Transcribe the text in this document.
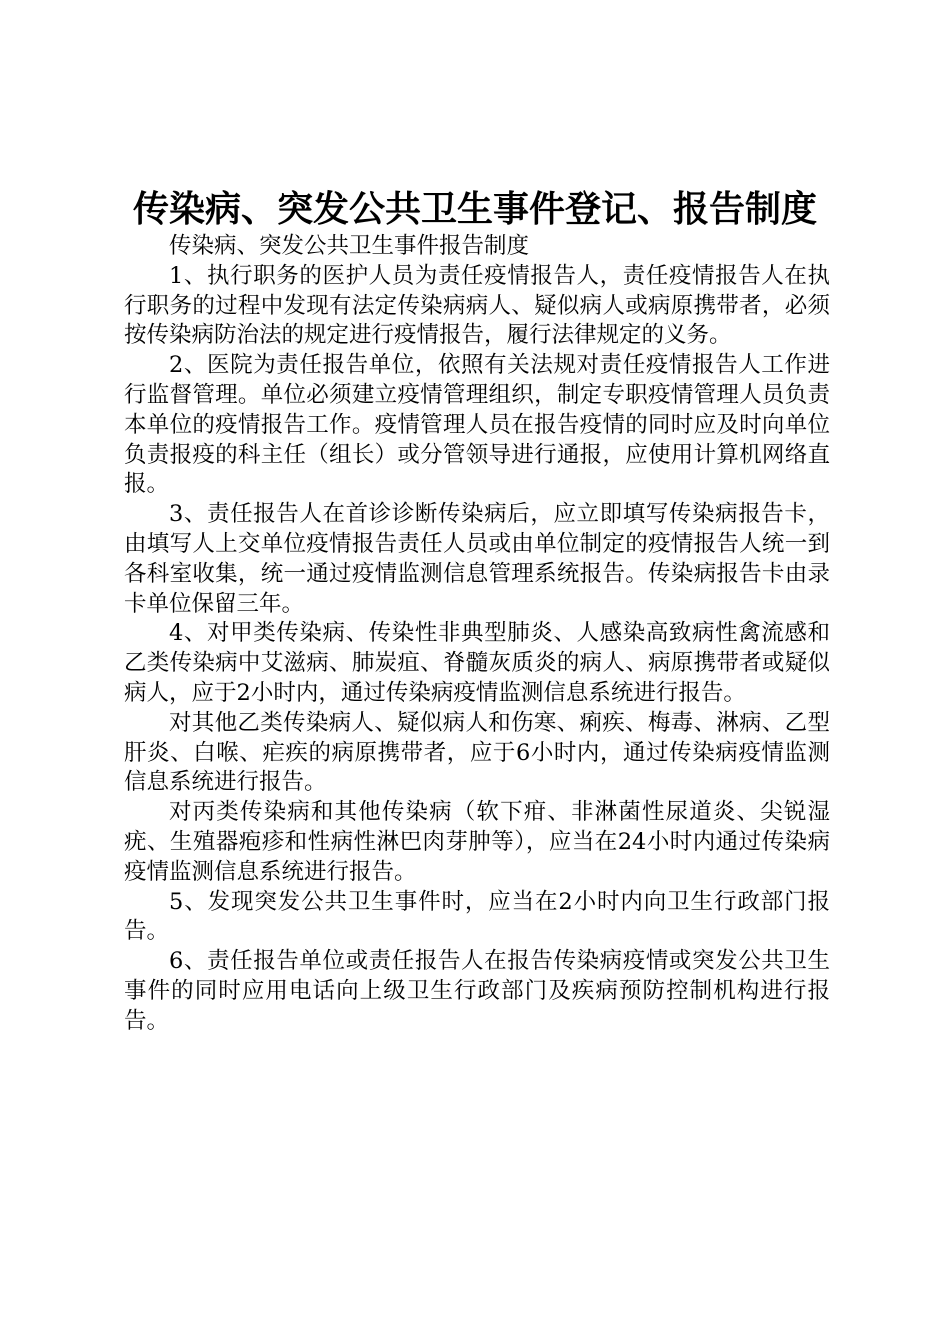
传染病、突发公共卫生事件登记、报告制度

传染病、突发公共卫生事件报告制度

1、执行职务的医护人员为责任疫情报告人，责任疫情报告人在执行职务的过程中发现有法定传染病病人、疑似病人或病原携带者，必须按传染病防治法的规定进行疫情报告，履行法律规定的义务。

2、医院为责任报告单位，依照有关法规对责任疫情报告人工作进行监督管理。单位必须建立疫情管理组织，制定专职疫情管理人员负责本单位的疫情报告工作。疫情管理人员在报告疫情的同时应及时向单位负责报疫的科主任（组长）或分管领导进行通报，应使用计算机网络直报。

3、责任报告人在首诊诊断传染病后，应立即填写传染病报告卡，由填写人上交单位疫情报告责任人员或由单位制定的疫情报告人统一到各科室收集，统一通过疫情监测信息管理系统报告。传染病报告卡由录卡单位保留三年。

4、对甲类传染病、传染性非典型肺炎、人感染高致病性禽流感和乙类传染病中艾滋病、肺炭疽、脊髓灰质炎的病人、病原携带者或疑似病人，应于2小时内，通过传染病疫情监测信息系统进行报告。

对其他乙类传染病人、疑似病人和伤寒、痢疾、梅毒、淋病、乙型肝炎、白喉、疟疾的病原携带者，应于6小时内，通过传染病疫情监测信息系统进行报告。

对丙类传染病和其他传染病（软下疳、非淋菌性尿道炎、尖锐湿疣、生殖器疱疹和性病性淋巴肉芽肿等），应当在24小时内通过传染病疫情监测信息系统进行报告。

5、发现突发公共卫生事件时，应当在2小时内向卫生行政部门报告。

6、责任报告单位或责任报告人在报告传染病疫情或突发公共卫生事件的同时应用电话向上级卫生行政部门及疾病预防控制机构进行报告。
